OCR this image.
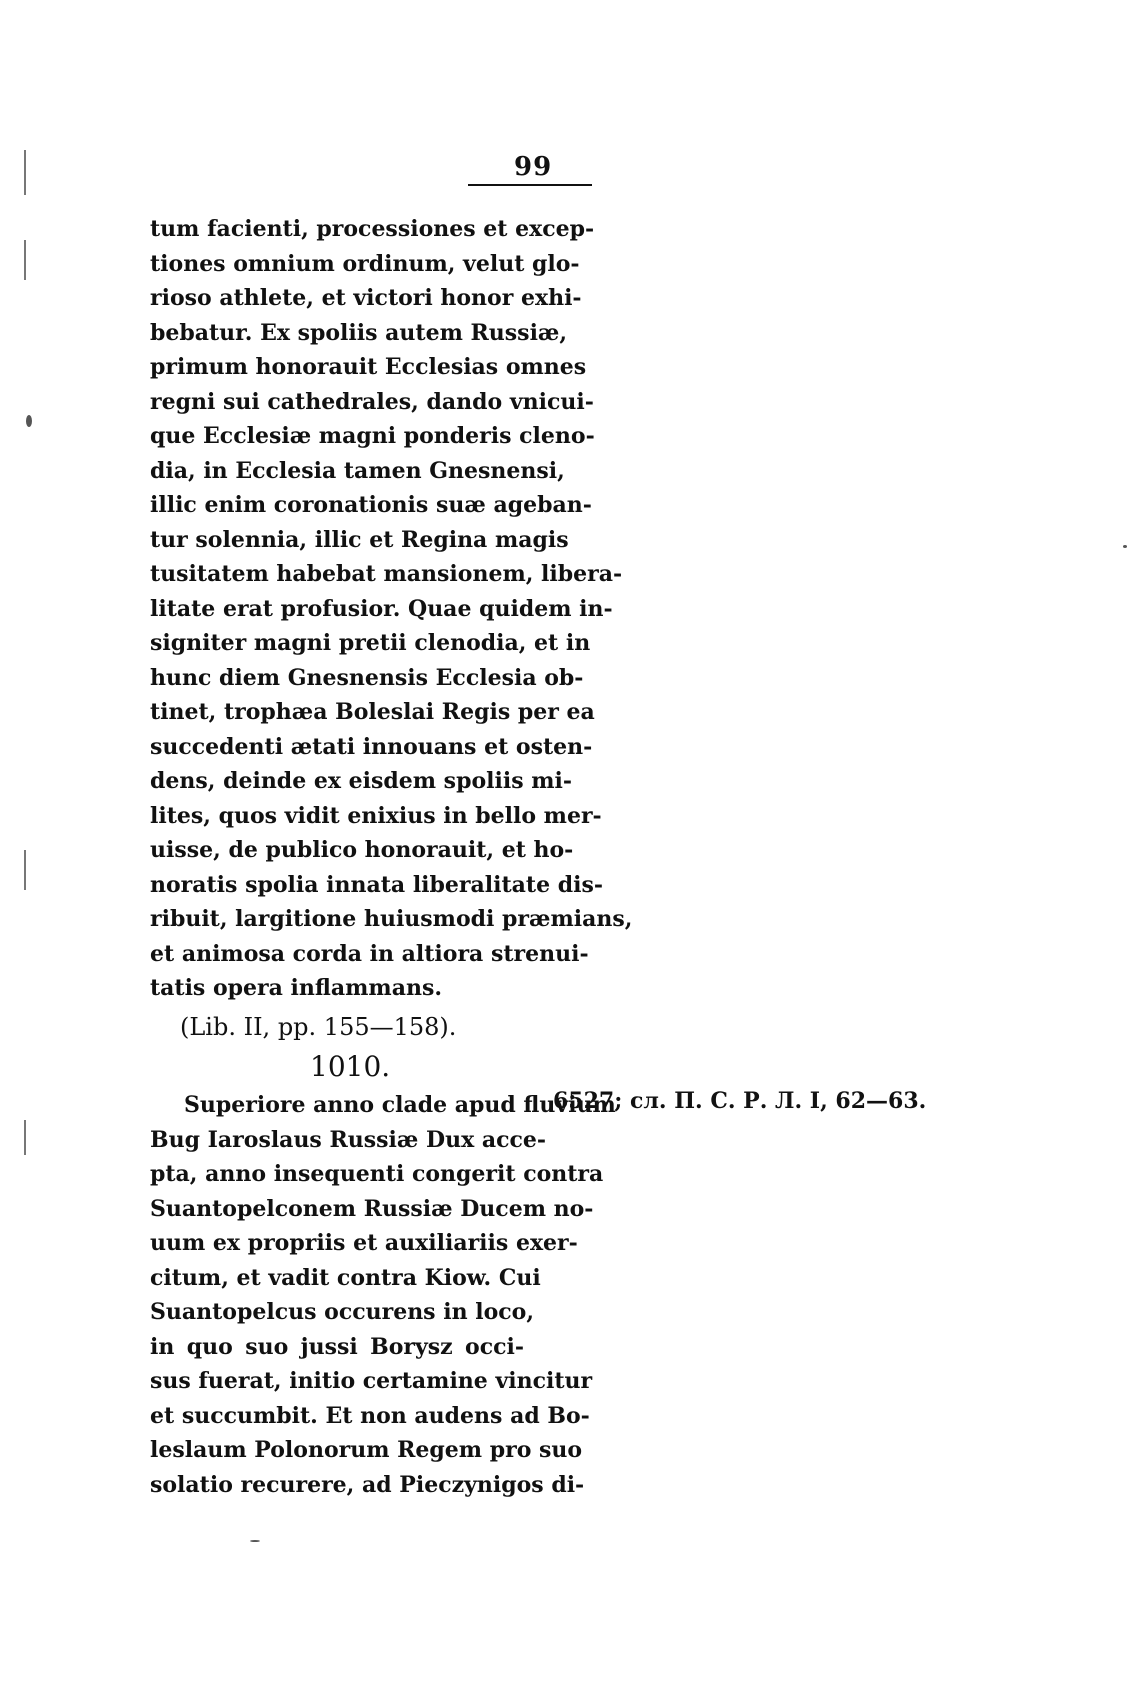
99
tum facienti, processiones et excep-
tiones omnium ordinum, velut glo-
rioso athlete, et victori honor exhi-
bebatur. Ex spoliis autem Russiæ,
primum honorauit Ecclesias omnes
regni sui cathedrales, dando vnicui-
que Ecclesiæ magni ponderis cleno-
dia, in Ecclesia tamen Gnesnensi,
illic enim coronationis suæ ageban-
tur solennia, illic et Regina magis
tusitatem habebat mansionem, libera-
litate erat profusior. Quae quidem in-
signiter magni pretii clenodia, et in
hunc diem Gnesnensis Ecclesia ob-
tinet, trophæa Boleslai Regis per ea
succedenti ætati innouans et osten-
dens, deinde ex eisdem spoliis mi-
lites, quos vidit enixius in bello mer-
uisse, de publico honorauit, et ho-
noratis spolia innata liberalitate dis-
ribuit, largitione huiusmodi præmians,
et animosa corda in altiora strenui-
tatis opera inflammans.
(Lib. II, pp. 155—158).
1010.
Superiore anno clade apud fluvium
Bug Iaroslaus Russiæ Dux acce-
pta, anno insequenti congerit contra
Suantopelconem Russiæ Ducem no-
uum ex propriis et auxiliariis exer-
citum, et vadit contra Kiow. Cui
Suantopelcus occurens in loco,
in quo suo jussi Borysz occi-
sus fuerat, initio certamine vincitur
et succumbit. Et non audens ad Bo-
leslaum Polonorum Regem pro suo
solatio recurere, ad Pieczynigos di-
6527; сл. П. С. Р. Л. I, 62—63.
